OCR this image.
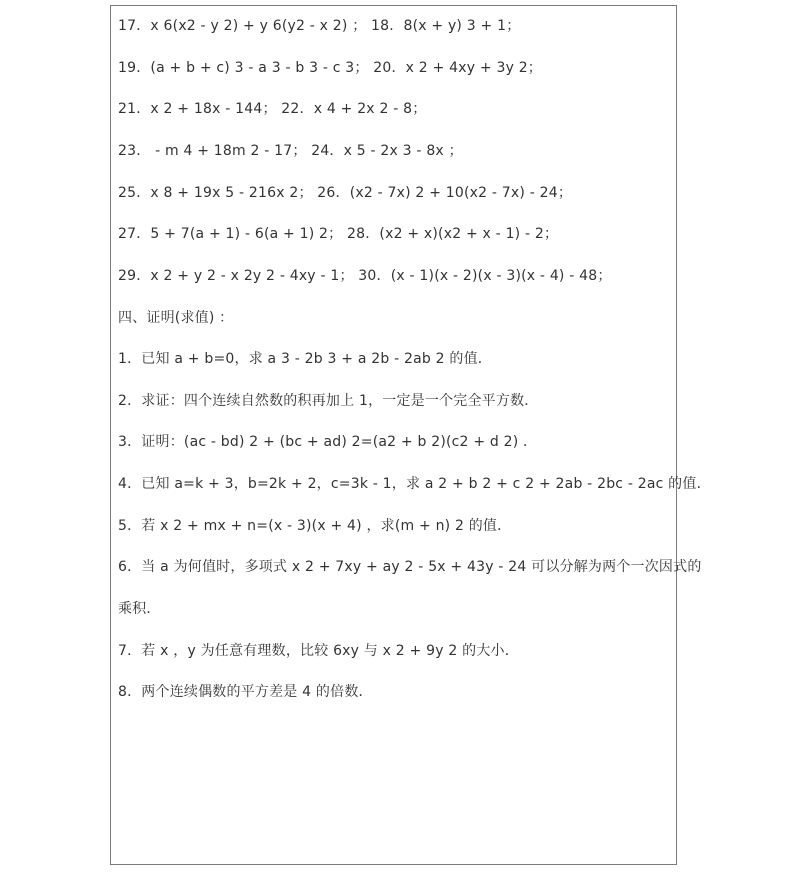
17．x 6(x2 - y 2) + y 6(y2 - x 2) ； 18．8(x + y) 3 + 1；
19．(a + b + c) 3 - a 3 - b 3 - c 3； 20．x 2 + 4xy + 3y 2；
21．x 2 + 18x - 144； 22．x 4 + 2x 2 - 8；
23． - m 4 + 18m 2 - 17； 24．x 5 - 2x 3 - 8x ；
25．x 8 + 19x 5 - 216x 2； 26．(x2 - 7x) 2 + 10(x2 - 7x) - 24；
27．5 + 7(a + 1) - 6(a + 1) 2； 28．(x2 + x)(x2 + x - 1) - 2；
29．x 2 + y 2 - x 2y 2 - 4xy - 1； 30．(x - 1)(x - 2)(x - 3)(x - 4) - 48；
四、证明(求值) ：
1．已知 a + b=0，求 a 3 - 2b 3 + a 2b - 2ab 2 的值．
2．求证：四个连续自然数的积再加上 1，一定是一个完全平方数．
3．证明：(ac - bd) 2 + (bc + ad) 2=(a2 + b 2)(c2 + d 2) ．
4．已知 a=k + 3，b=2k + 2，c=3k - 1，求 a 2 + b 2 + c 2 + 2ab - 2bc - 2ac 的值．
5．若 x 2 + mx + n=(x - 3)(x + 4) ，求(m + n) 2 的值．
6．当 a 为何值时，多项式 x 2 + 7xy + ay 2 - 5x + 43y - 24 可以分解为两个一次因式的
乘积．
7．若 x ，y 为任意有理数，比较 6xy 与 x 2 + 9y 2 的大小．
8．两个连续偶数的平方差是 4 的倍数．
